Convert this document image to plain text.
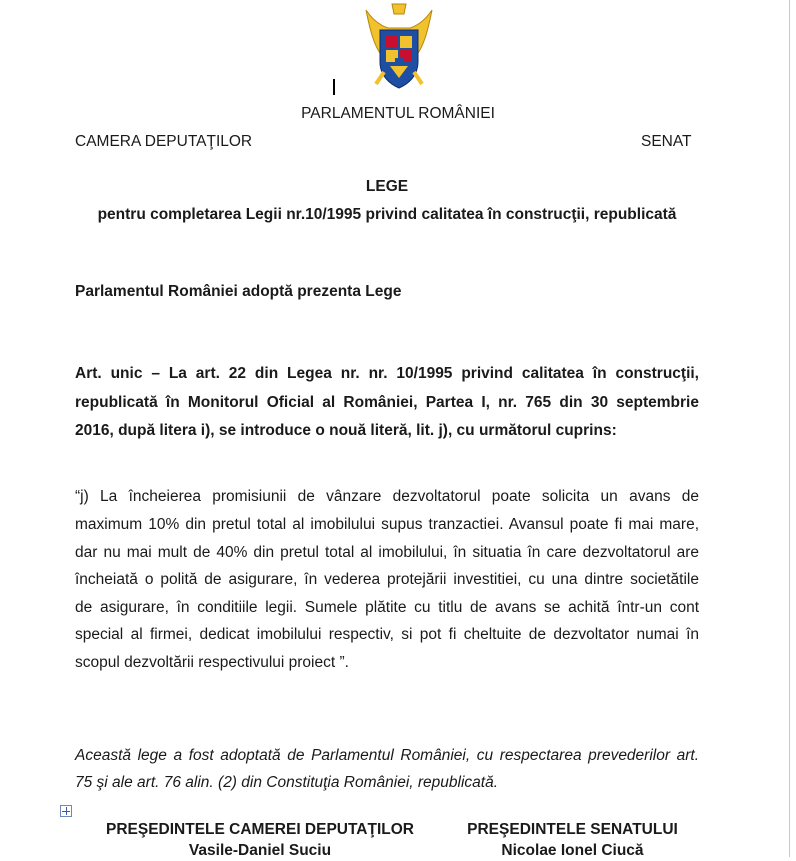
PARLAMENTUL ROMÂNIEI
CAMERA DEPUTAŢILOR	SENAT
LEGE
pentru completarea Legii nr.10/1995 privind calitatea în construcţii, republicată
Parlamentul României adoptă prezenta Lege
Art. unic – La art. 22 din Legea nr. nr. 10/1995 privind calitatea în construcţii,
republicată în Monitorul Oficial al României, Partea I, nr. 765 din 30 septembrie
2016, după litera i), se introduce o nouă literă, lit. j), cu următorul cuprins:
“j) La încheierea promisiunii de vânzare dezvoltatorul poate solicita un avans de
maximum 10% din pretul total al imobilului supus tranzactiei. Avansul poate fi mai mare,
dar nu mai mult de 40% din pretul total al imobilului, în situatia în care dezvoltatorul are
încheiată o polită de asigurare, în vederea protejării investitiei, cu una dintre societătile
de asigurare, în conditiile legii. Sumele plătite cu titlu de avans se achită într-un cont
special al firmei, dedicat imobilului respectiv, si pot fi cheltuite de dezvoltator numai în
scopul dezvoltării respectivului proiect ”.
Această lege a fost adoptată de Parlamentul României, cu respectarea prevederilor art.
75 şi ale art. 76 alin. (2) din Constituţia României, republicată.
PREŞEDINTELE CAMEREI DEPUTAŢILOR
Vasile-Daniel Suciu
PREŞEDINTELE SENATULUI
Nicolae Ionel Ciucă
